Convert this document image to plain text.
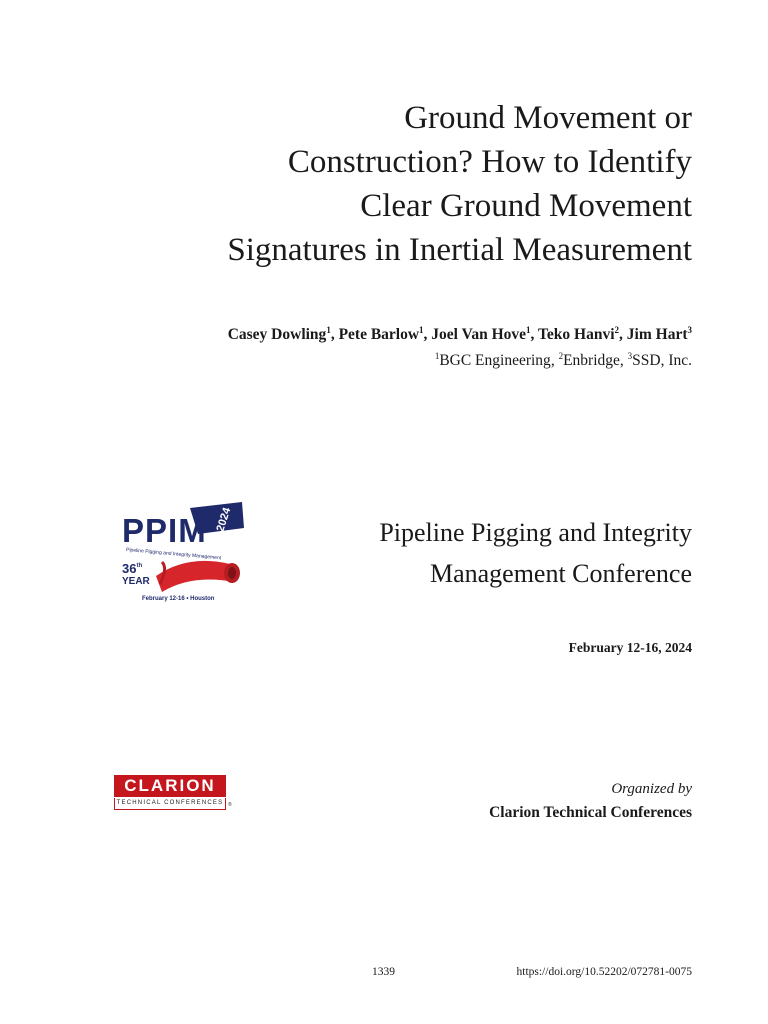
Ground Movement or
Construction? How to Identify
Clear Ground Movement
Signatures in Inertial Measurement
Casey Dowling$^1$, Pete Barlow$^1$, Joel Van Hove$^1$, Teko Hanvi$^2$, Jim Hart$^3$
$^1$BGC Engineering, $^2$Enbridge, $^3$SSD, Inc.
2024
PPIM
Pipeline Pigging and Integrity Management
36th
YEAR
February 12-16 • Houston
Pipeline Pigging and Integrity
Management Conference
February 12-16, 2024
CLARION
TECHNICAL CONFERENCES ®
Organized by
Clarion Technical Conferences
1339	https://doi.org/10.52202/072781-0075
